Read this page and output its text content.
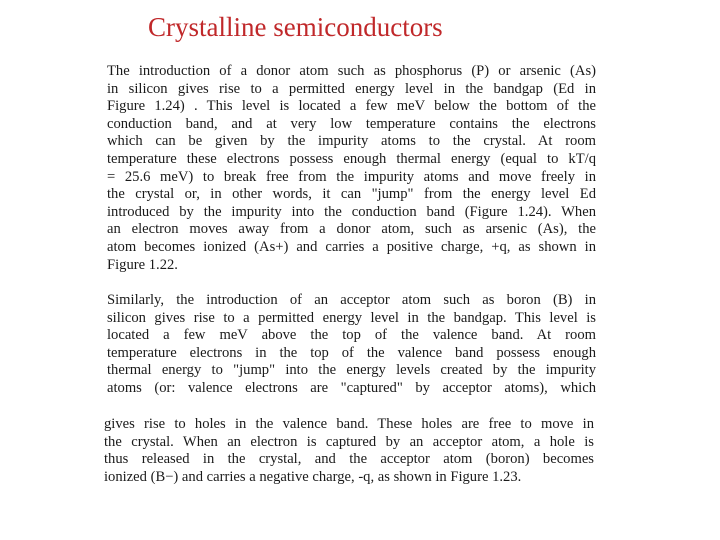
Crystalline semiconductors
The introduction of a donor atom such as phosphorus (P) or arsenic (As)
in silicon gives rise to a permitted energy level in the bandgap (Ed in
Figure 1.24) . This level is located a few meV below the bottom of the
conduction band, and at very low temperature contains the electrons
which can be given by the impurity atoms to the crystal. At room
temperature these electrons possess enough thermal energy (equal to kT/q
= 25.6 meV) to break free from the impurity atoms and move freely in
the crystal or, in other words, it can "jump" from the energy level Ed
introduced by the impurity into the conduction band (Figure 1.24). When
an electron moves away from a donor atom, such as arsenic (As), the
atom becomes ionized (As+) and carries a positive charge, +q, as shown in
Figure 1.22.
Similarly, the introduction of an acceptor atom such as boron (B) in
silicon gives rise to a permitted energy level in the bandgap. This level is
located a few meV above the top of the valence band. At room
temperature electrons in the top of the valence band possess enough
thermal energy to "jump" into the energy levels created by the impurity
atoms (or: valence electrons are "captured" by acceptor atoms), which
gives rise to holes in the valence band. These holes are free to move in
the crystal. When an electron is captured by an acceptor atom, a hole is
thus released in the crystal, and the acceptor atom (boron) becomes
ionized (B−) and carries a negative charge, -q, as shown in Figure 1.23.
